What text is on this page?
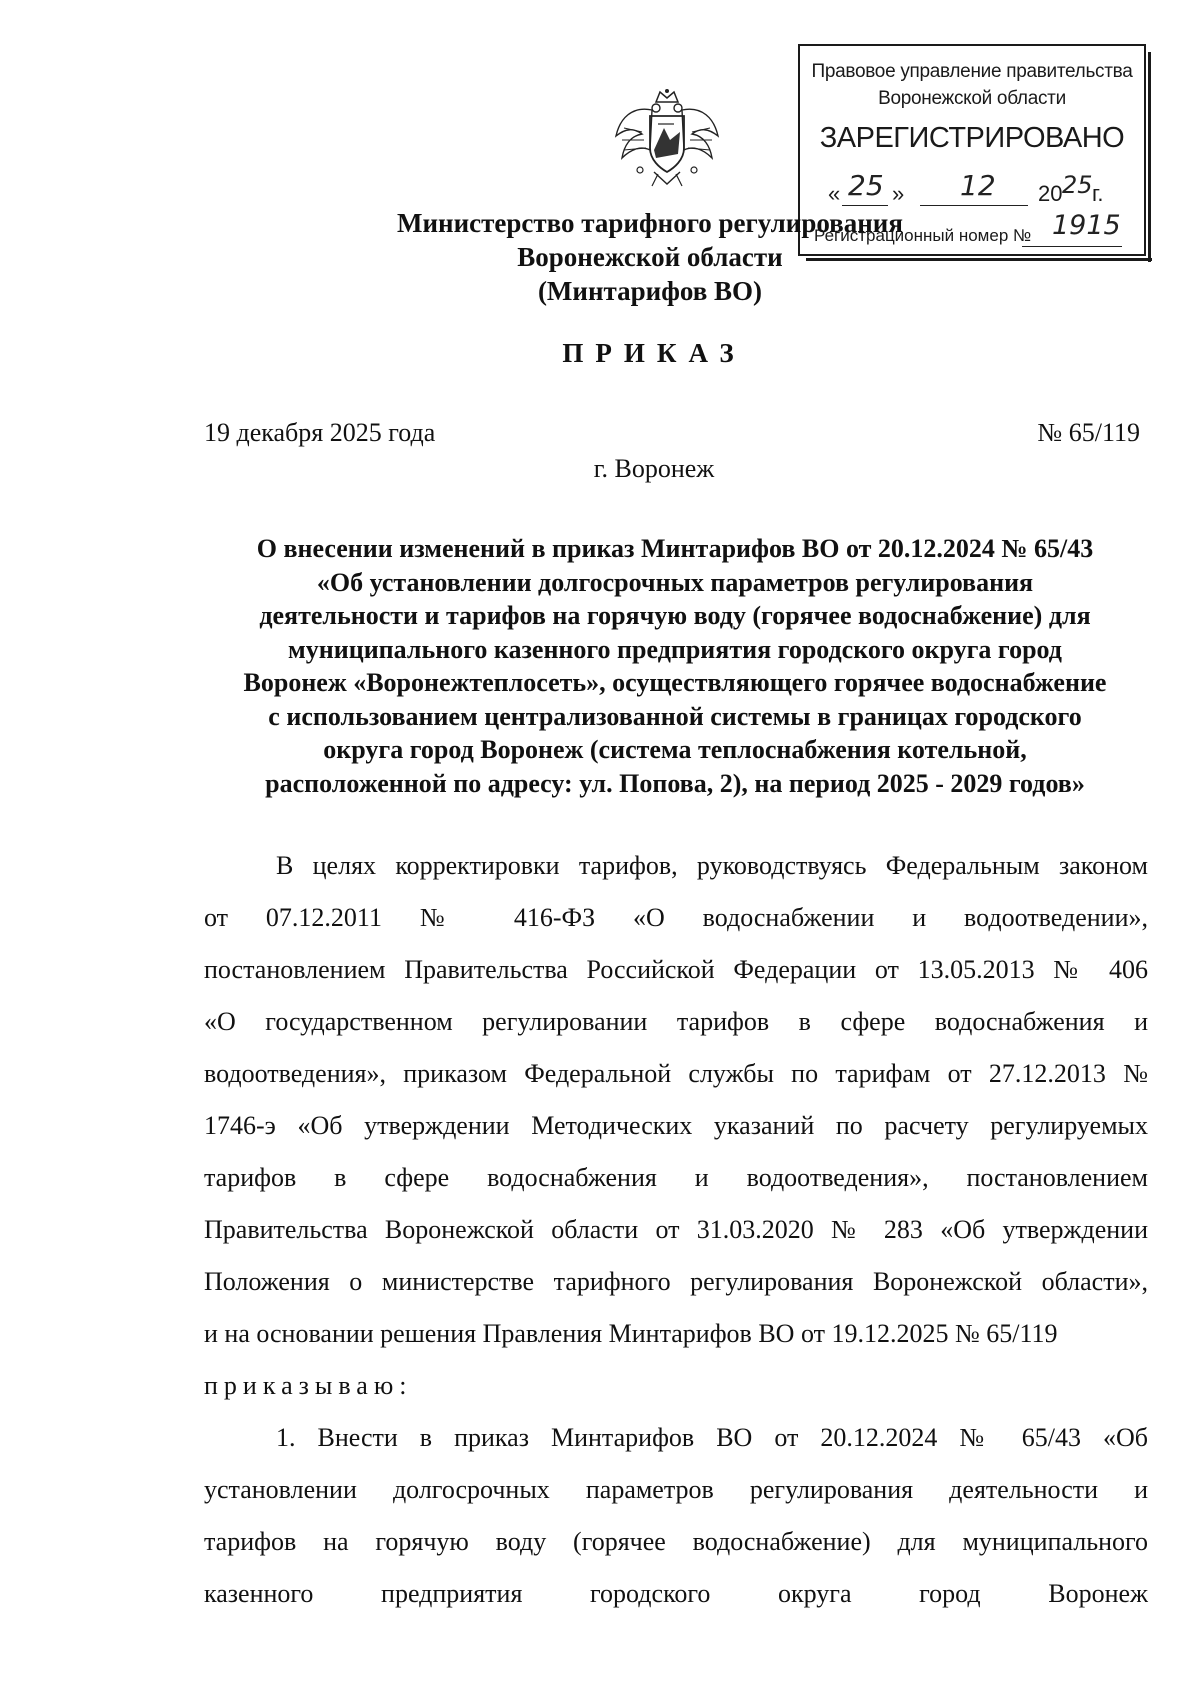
Правовое управление правительства
Воронежской области
ЗАРЕГИСТРИРОВАНО
« 25 » 12 20 25 г.
Регистрационный номер № 1915
Министерство тарифного регулирования
Воронежской области
(Минтарифов ВО)
ПРИКАЗ
19 декабря 2025 года	№ 65/119
г. Воронеж
О внесении изменений в приказ Минтарифов ВО от 20.12.2024 № 65/43
«Об установлении долгосрочных параметров регулирования
деятельности и тарифов на горячую воду (горячее водоснабжение) для
муниципального казенного предприятия городского округа город
Воронеж «Воронежтеплосеть», осуществляющего горячее водоснабжение
с использованием централизованной системы в границах городского
округа город Воронеж (система теплоснабжения котельной,
расположенной по адресу: ул. Попова, 2), на период 2025 - 2029 годов»
В целях корректировки тарифов, руководствуясь Федеральным законом
от 07.12.2011 № 416-ФЗ «О водоснабжении и водоотведении»,
постановлением Правительства Российской Федерации от 13.05.2013 № 406
«О государственном регулировании тарифов в сфере водоснабжения и
водоотведения», приказом Федеральной службы по тарифам от 27.12.2013 №
1746-э «Об утверждении Методических указаний по расчету регулируемых
тарифов в сфере водоснабжения и водоотведения», постановлением
Правительства Воронежской области от 31.03.2020 № 283 «Об утверждении
Положения о министерстве тарифного регулирования Воронежской области»,
и на основании решения Правления Минтарифов ВО от 19.12.2025 № 65/119
приказываю:
1. Внести в приказ Минтарифов ВО от 20.12.2024 № 65/43 «Об
установлении долгосрочных параметров регулирования деятельности и
тарифов на горячую воду (горячее водоснабжение) для муниципального
казенного предприятия городского округа город Воронеж
